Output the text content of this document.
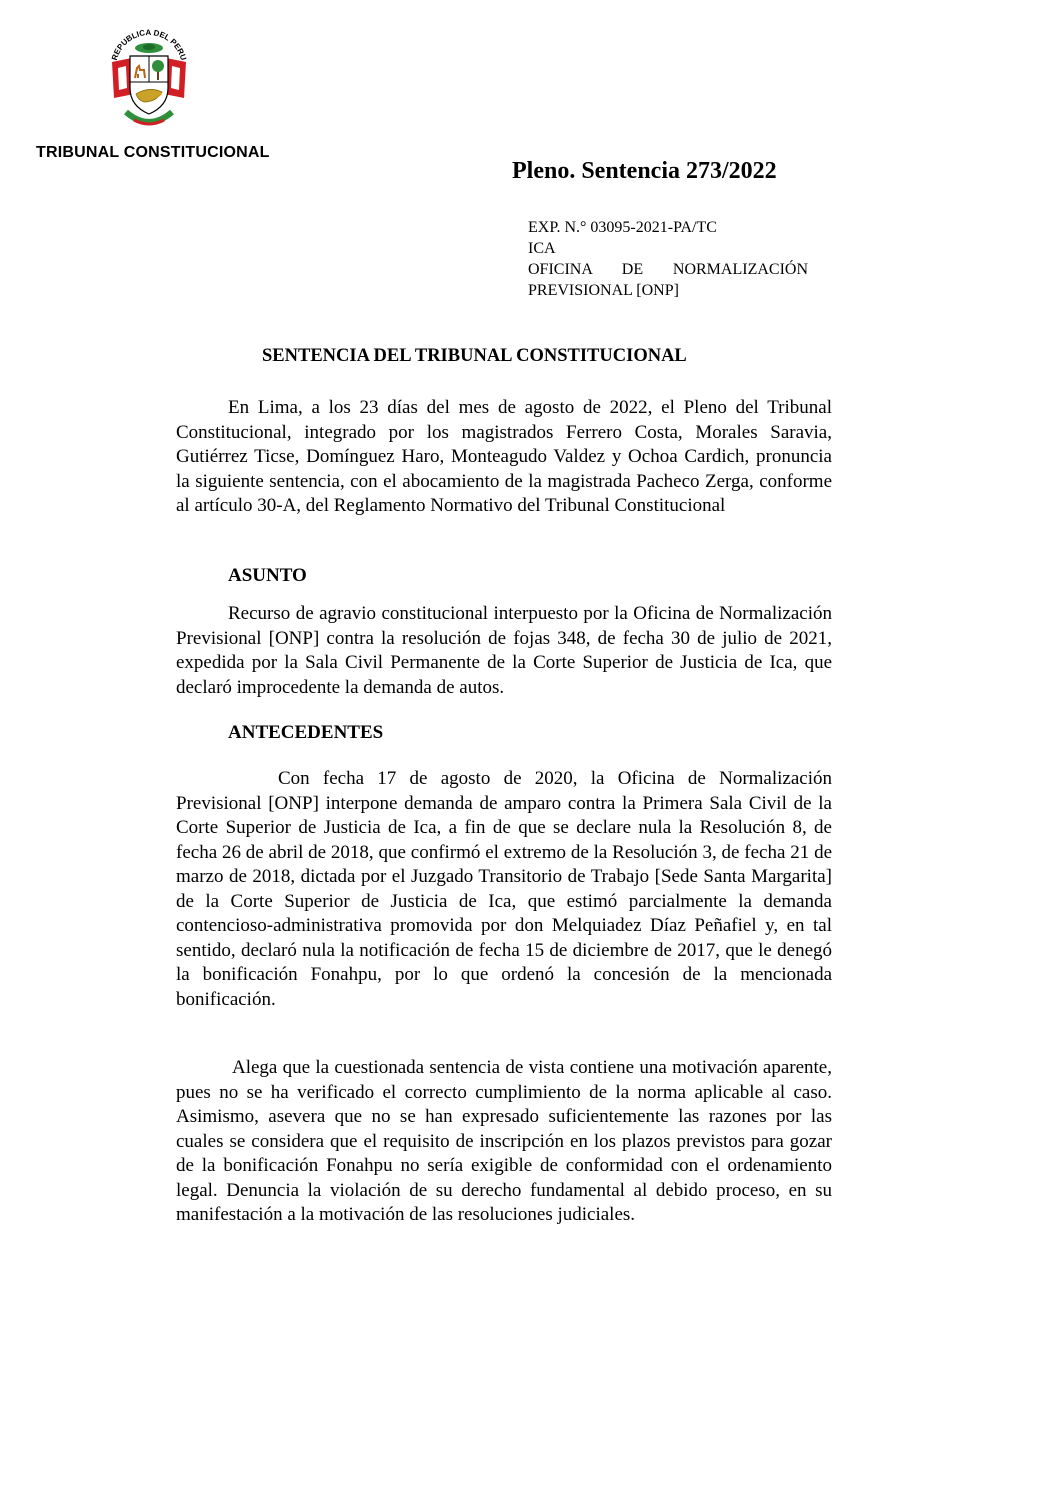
REPUBLICA DEL PERU
TRIBUNAL CONSTITUCIONAL
Pleno. Sentencia 273/2022
EXP. N.° 03095-2021-PA/TC
ICA
OFICINA DE NORMALIZACIÓN
PREVISIONAL [ONP]
SENTENCIA DEL TRIBUNAL CONSTITUCIONAL

En Lima, a los 23 días del mes de agosto de 2022, el Pleno del Tribunal Constitucional, integrado por los magistrados Ferrero Costa, Morales Saravia, Gutiérrez Ticse, Domínguez Haro, Monteagudo Valdez y Ochoa Cardich, pronuncia la siguiente sentencia, con el abocamiento de la magistrada Pacheco Zerga, conforme al artículo 30-A, del Reglamento Normativo del Tribunal Constitucional

ASUNTO

Recurso de agravio constitucional interpuesto por la Oficina de Normalización Previsional [ONP] contra la resolución de fojas 348, de fecha 30 de julio de 2021, expedida por la Sala Civil Permanente de la Corte Superior de Justicia de Ica, que declaró improcedente la demanda de autos.

ANTECEDENTES

Con fecha 17 de agosto de 2020, la Oficina de Normalización Previsional [ONP] interpone demanda de amparo contra la Primera Sala Civil de la Corte Superior de Justicia de Ica, a fin de que se declare nula la Resolución 8, de fecha 26 de abril de 2018, que confirmó el extremo de la Resolución 3, de fecha 21 de marzo de 2018, dictada por el Juzgado Transitorio de Trabajo [Sede Santa Margarita] de la Corte Superior de Justicia de Ica, que estimó parcialmente la demanda contencioso-administrativa promovida por don Melquiadez Díaz Peñafiel y, en tal sentido, declaró nula la notificación de fecha 15 de diciembre de 2017, que le denegó la bonificación Fonahpu, por lo que ordenó la concesión de la mencionada bonificación.

Alega que la cuestionada sentencia de vista contiene una motivación aparente, pues no se ha verificado el correcto cumplimiento de la norma aplicable al caso. Asimismo, asevera que no se han expresado suficientemente las razones por las cuales se considera que el requisito de inscripción en los plazos previstos para gozar de la bonificación Fonahpu no sería exigible de conformidad con el ordenamiento legal. Denuncia la violación de su derecho fundamental al debido proceso, en su manifestación a la motivación de las resoluciones judiciales.
